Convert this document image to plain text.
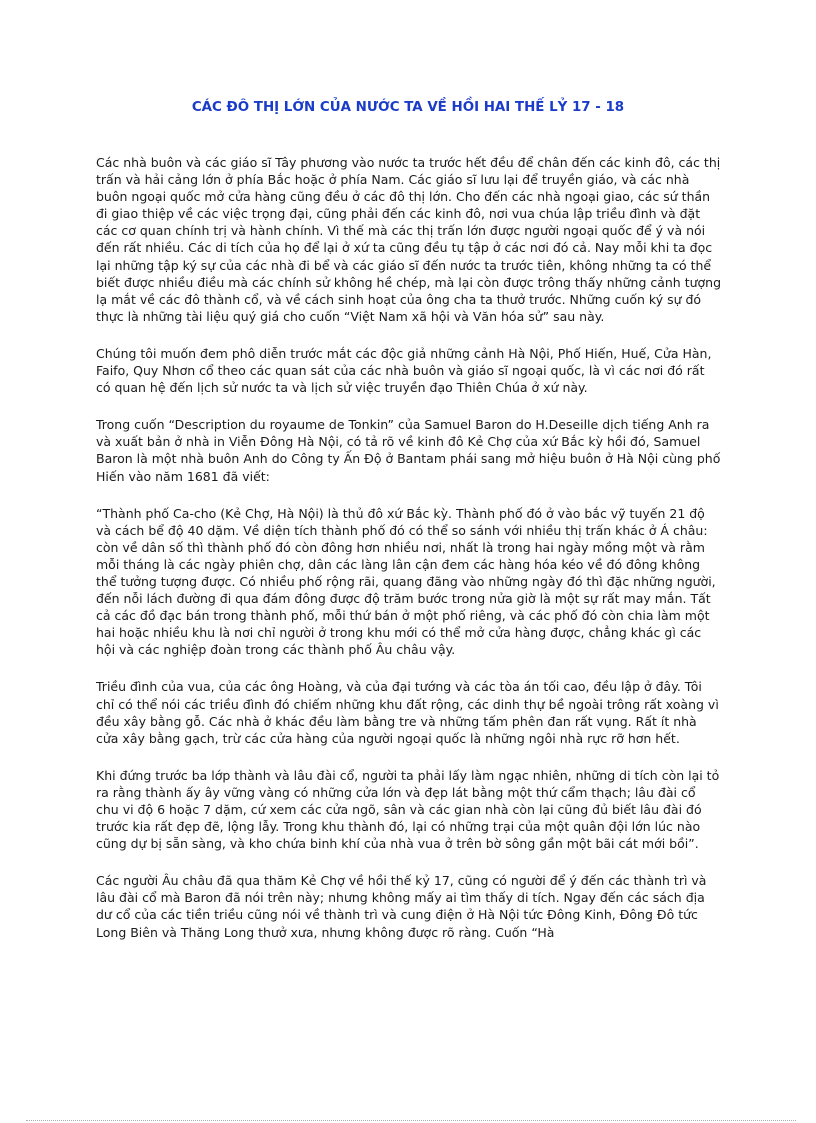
CÁC ĐÔ THỊ LỚN CỦA NƯỚC TA VỀ HỒI HAI THẾ LỶ 17 - 18

Các nhà buôn và các giáo sĩ Tây phương vào nước ta trước hết đều để chân đến các kinh đô, các thị trấn và hải cảng lớn ở phía Bắc hoặc ở phía Nam. Các giáo sĩ lưu lại để truyền giáo, và các nhà buôn ngoại quốc mở cửa hàng cũng đều ở các đô thị lớn. Cho đến các nhà ngoại giao, các sứ thần đi giao thiệp về các việc trọng đại, cũng phải đến các kinh đô, nơi vua chúa lập triều đình và đặt các cơ quan chính trị và hành chính. Vì thế mà các thị trấn lớn được người ngoại quốc để ý và nói đến rất nhiều. Các di tích của họ để lại ở xứ ta cũng đều tụ tập ở các nơi đó cả. Nay mỗi khi ta đọc lại những tập ký sự của các nhà đi bể và các giáo sĩ đến nước ta trước tiên, không những ta có thể biết được nhiều điều mà các chính sử không hề chép, mà lại còn được trông thấy những cảnh tượng lạ mắt về các đô thành cổ, và về cách sinh hoạt của ông cha ta thưở trước. Những cuốn ký sự đó thực là những tài liệu quý giá cho cuốn “Việt Nam xã hội và Văn hóa sử” sau này.

Chúng tôi muốn đem phô diễn trước mắt các độc giả những cảnh Hà Nội, Phố Hiến, Huế, Cửa Hàn, Faifo, Quy Nhơn cổ theo các quan sát của các nhà buôn và giáo sĩ ngoại quốc, là vì các nơi đó rất có quan hệ đến lịch sử nước ta và lịch sử việc truyền đạo Thiên Chúa ở xứ này.

Trong cuốn “Description du royaume de Tonkin” của Samuel Baron do H.Deseille dịch tiếng Anh ra và xuất bản ở nhà in Viễn Đông Hà Nội, có tả rõ về kinh đô Kẻ Chợ của xứ Bắc kỳ hồi đó, Samuel Baron là một nhà buôn Anh do Công ty Ấn Độ ở Bantam phái sang mở hiệu buôn ở Hà Nội cùng phố Hiến vào năm 1681 đã viết:

“Thành phố Ca-cho (Kẻ Chợ, Hà Nội) là thủ đô xứ Bắc kỳ. Thành phố đó ở vào bắc vỹ tuyến 21 độ và cách bể độ 40 dặm. Về diện tích thành phố đó có thể so sánh với nhiều thị trấn khác ở Á châu: còn về dân số thì thành phố đó còn đông hơn nhiều nơi, nhất là trong hai ngày mồng một và rằm mỗi tháng là các ngày phiên chợ, dân các làng lân cận đem các hàng hóa kéo về đó đông không thể tưởng tượng được. Có nhiều phố rộng rãi, quang đãng vào những ngày đó thì đặc những người, đến nỗi lách đường đi qua đám đông được độ trăm bước trong nửa giờ là một sự rất may mắn. Tất cả các đồ đạc bán trong thành phố, mỗi thứ bán ở một phố riêng, và các phố đó còn chia làm một hai hoặc nhiều khu là nơi chỉ người ở trong khu mới có thể mở cửa hàng được, chẳng khác gì các hội và các nghiệp đoàn trong các thành phố Âu châu vậy.

Triều đình của vua, của các ông Hoàng, và của đại tướng và các tòa án tối cao, đều lập ở đây. Tôi chỉ có thể nói các triều đình đó chiếm những khu đất rộng, các dinh thự bề ngoài trông rất xoàng vì đều xây bằng gỗ. Các nhà ở khác đều làm bằng tre và những tấm phên đan rất vụng. Rất ít nhà cửa xây bằng gạch, trừ các cửa hàng của người ngoại quốc là những ngôi nhà rực rỡ hơn hết.

Khi đứng trước ba lớp thành và lâu đài cổ, người ta phải lấy làm ngạc nhiên, những di tích còn lại tỏ ra rằng thành ấy ây vững vàng có những cửa lớn và đẹp lát bằng một thứ cẩm thạch; lâu đài cổ chu vi độ 6 hoặc 7 dặm, cứ xem các cửa ngõ, sân và các gian nhà còn lại cũng đủ biết lâu đài đó trước kia rất đẹp đẽ, lộng lẫy. Trong khu thành đó, lại có những trại của một quân đội lớn lúc nào cũng dự bị sẵn sàng, và kho chứa binh khí của nhà vua ở trên bờ sông gần một bãi cát mới bồi”.

Các người Âu châu đã qua thăm Kẻ Chợ về hồi thế kỷ 17, cũng có người để ý đến các thành trì và lâu đài cổ mà Baron đã nói trên này; nhưng không mấy ai tìm thấy di tích. Ngay đến các sách địa dư cổ của các tiền triều cũng nói về thành trì và cung điện ở Hà Nội tức Đông Kinh, Đông Đô tức Long Biên và Thăng Long thưở xưa, nhưng không được rõ ràng. Cuốn “Hà
